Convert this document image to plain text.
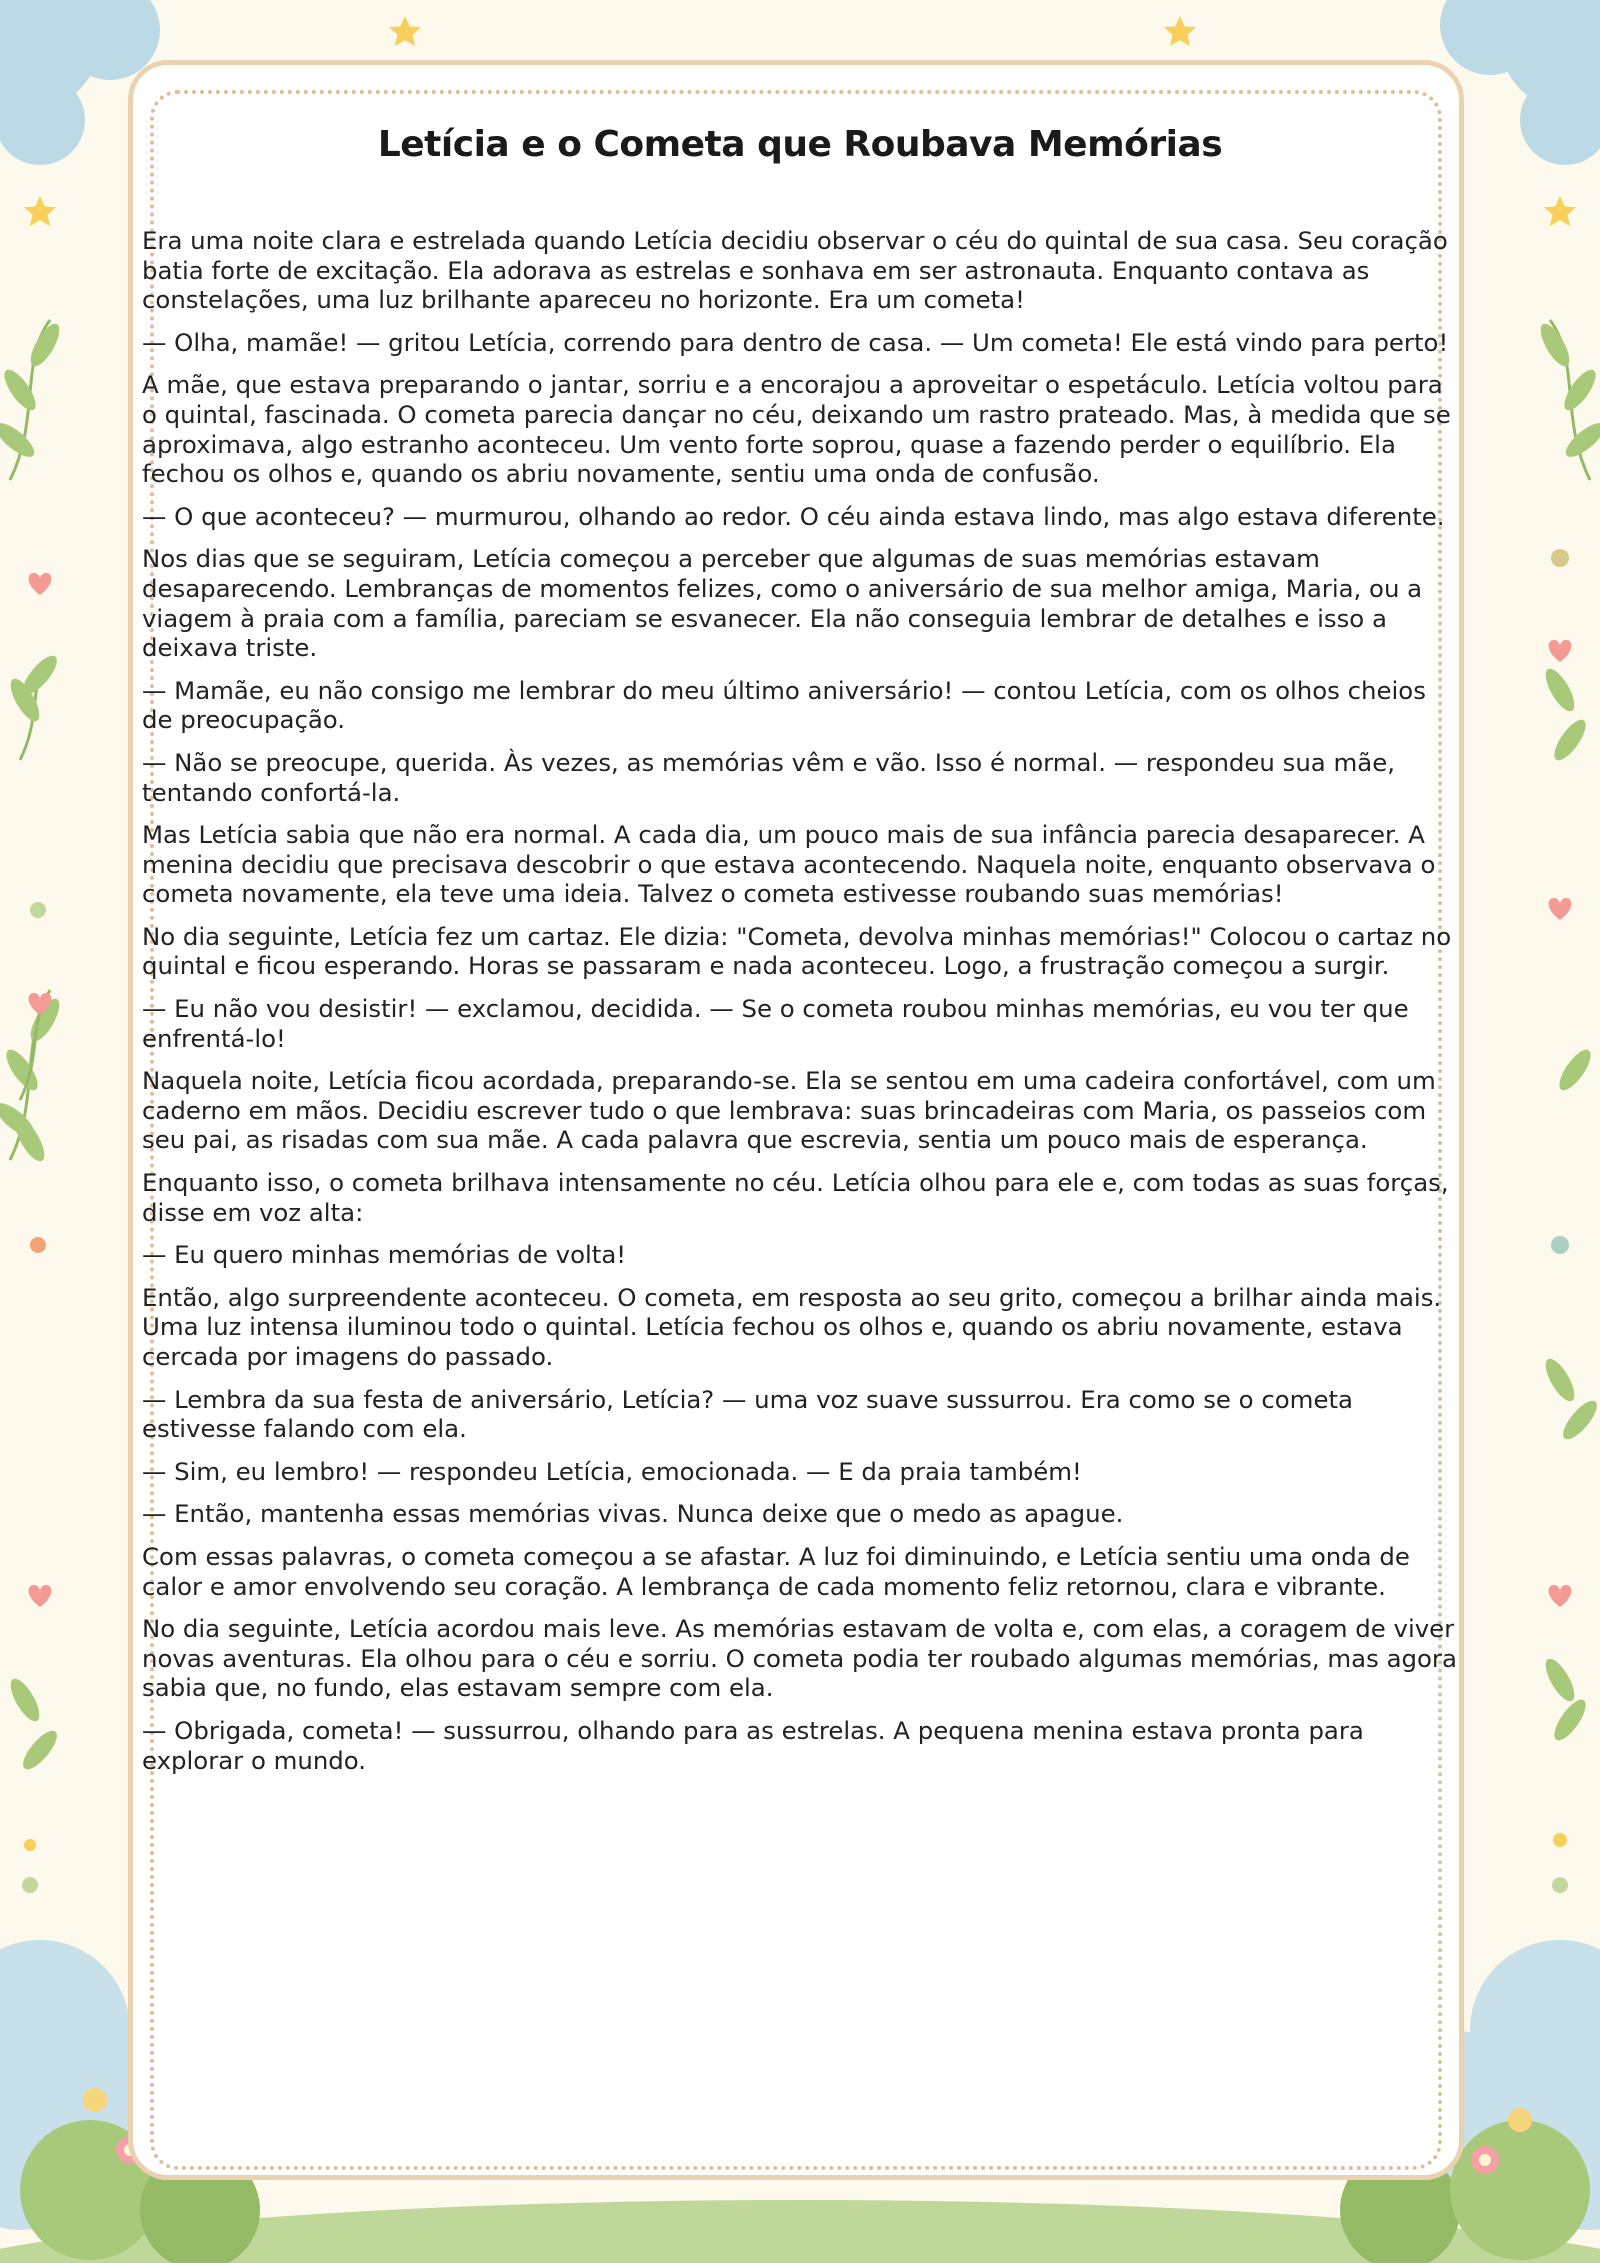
Letícia e o Cometa que Roubava Memórias

Era uma noite clara e estrelada quando Letícia decidiu observar o céu do quintal de sua casa. Seu coração batia forte de excitação. Ela adorava as estrelas e sonhava em ser astronauta. Enquanto contava as constelações, uma luz brilhante apareceu no horizonte. Era um cometa!

— Olha, mamãe! — gritou Letícia, correndo para dentro de casa. — Um cometa! Ele está vindo para perto!

A mãe, que estava preparando o jantar, sorriu e a encorajou a aproveitar o espetáculo. Letícia voltou para o quintal, fascinada. O cometa parecia dançar no céu, deixando um rastro prateado. Mas, à medida que se aproximava, algo estranho aconteceu. Um vento forte soprou, quase a fazendo perder o equilíbrio. Ela fechou os olhos e, quando os abriu novamente, sentiu uma onda de confusão.

— O que aconteceu? — murmurou, olhando ao redor. O céu ainda estava lindo, mas algo estava diferente.

Nos dias que se seguiram, Letícia começou a perceber que algumas de suas memórias estavam desaparecendo. Lembranças de momentos felizes, como o aniversário de sua melhor amiga, Maria, ou a viagem à praia com a família, pareciam se esvanecer. Ela não conseguia lembrar de detalhes e isso a deixava triste.

— Mamãe, eu não consigo me lembrar do meu último aniversário! — contou Letícia, com os olhos cheios de preocupação.

— Não se preocupe, querida. Às vezes, as memórias vêm e vão. Isso é normal. — respondeu sua mãe, tentando confortá-la.

Mas Letícia sabia que não era normal. A cada dia, um pouco mais de sua infância parecia desaparecer. A menina decidiu que precisava descobrir o que estava acontecendo. Naquela noite, enquanto observava o cometa novamente, ela teve uma ideia. Talvez o cometa estivesse roubando suas memórias!

No dia seguinte, Letícia fez um cartaz. Ele dizia: "Cometa, devolva minhas memórias!" Colocou o cartaz no quintal e ficou esperando. Horas se passaram e nada aconteceu. Logo, a frustração começou a surgir.

— Eu não vou desistir! — exclamou, decidida. — Se o cometa roubou minhas memórias, eu vou ter que enfrentá-lo!

Naquela noite, Letícia ficou acordada, preparando-se. Ela se sentou em uma cadeira confortável, com um caderno em mãos. Decidiu escrever tudo o que lembrava: suas brincadeiras com Maria, os passeios com seu pai, as risadas com sua mãe. A cada palavra que escrevia, sentia um pouco mais de esperança.

Enquanto isso, o cometa brilhava intensamente no céu. Letícia olhou para ele e, com todas as suas forças, disse em voz alta:

— Eu quero minhas memórias de volta!

Então, algo surpreendente aconteceu. O cometa, em resposta ao seu grito, começou a brilhar ainda mais. Uma luz intensa iluminou todo o quintal. Letícia fechou os olhos e, quando os abriu novamente, estava cercada por imagens do passado.

— Lembra da sua festa de aniversário, Letícia? — uma voz suave sussurrou. Era como se o cometa estivesse falando com ela.

— Sim, eu lembro! — respondeu Letícia, emocionada. — E da praia também!

— Então, mantenha essas memórias vivas. Nunca deixe que o medo as apague.

Com essas palavras, o cometa começou a se afastar. A luz foi diminuindo, e Letícia sentiu uma onda de calor e amor envolvendo seu coração. A lembrança de cada momento feliz retornou, clara e vibrante.

No dia seguinte, Letícia acordou mais leve. As memórias estavam de volta e, com elas, a coragem de viver novas aventuras. Ela olhou para o céu e sorriu. O cometa podia ter roubado algumas memórias, mas agora sabia que, no fundo, elas estavam sempre com ela.

— Obrigada, cometa! — sussurrou, olhando para as estrelas. A pequena menina estava pronta para explorar o mundo.
